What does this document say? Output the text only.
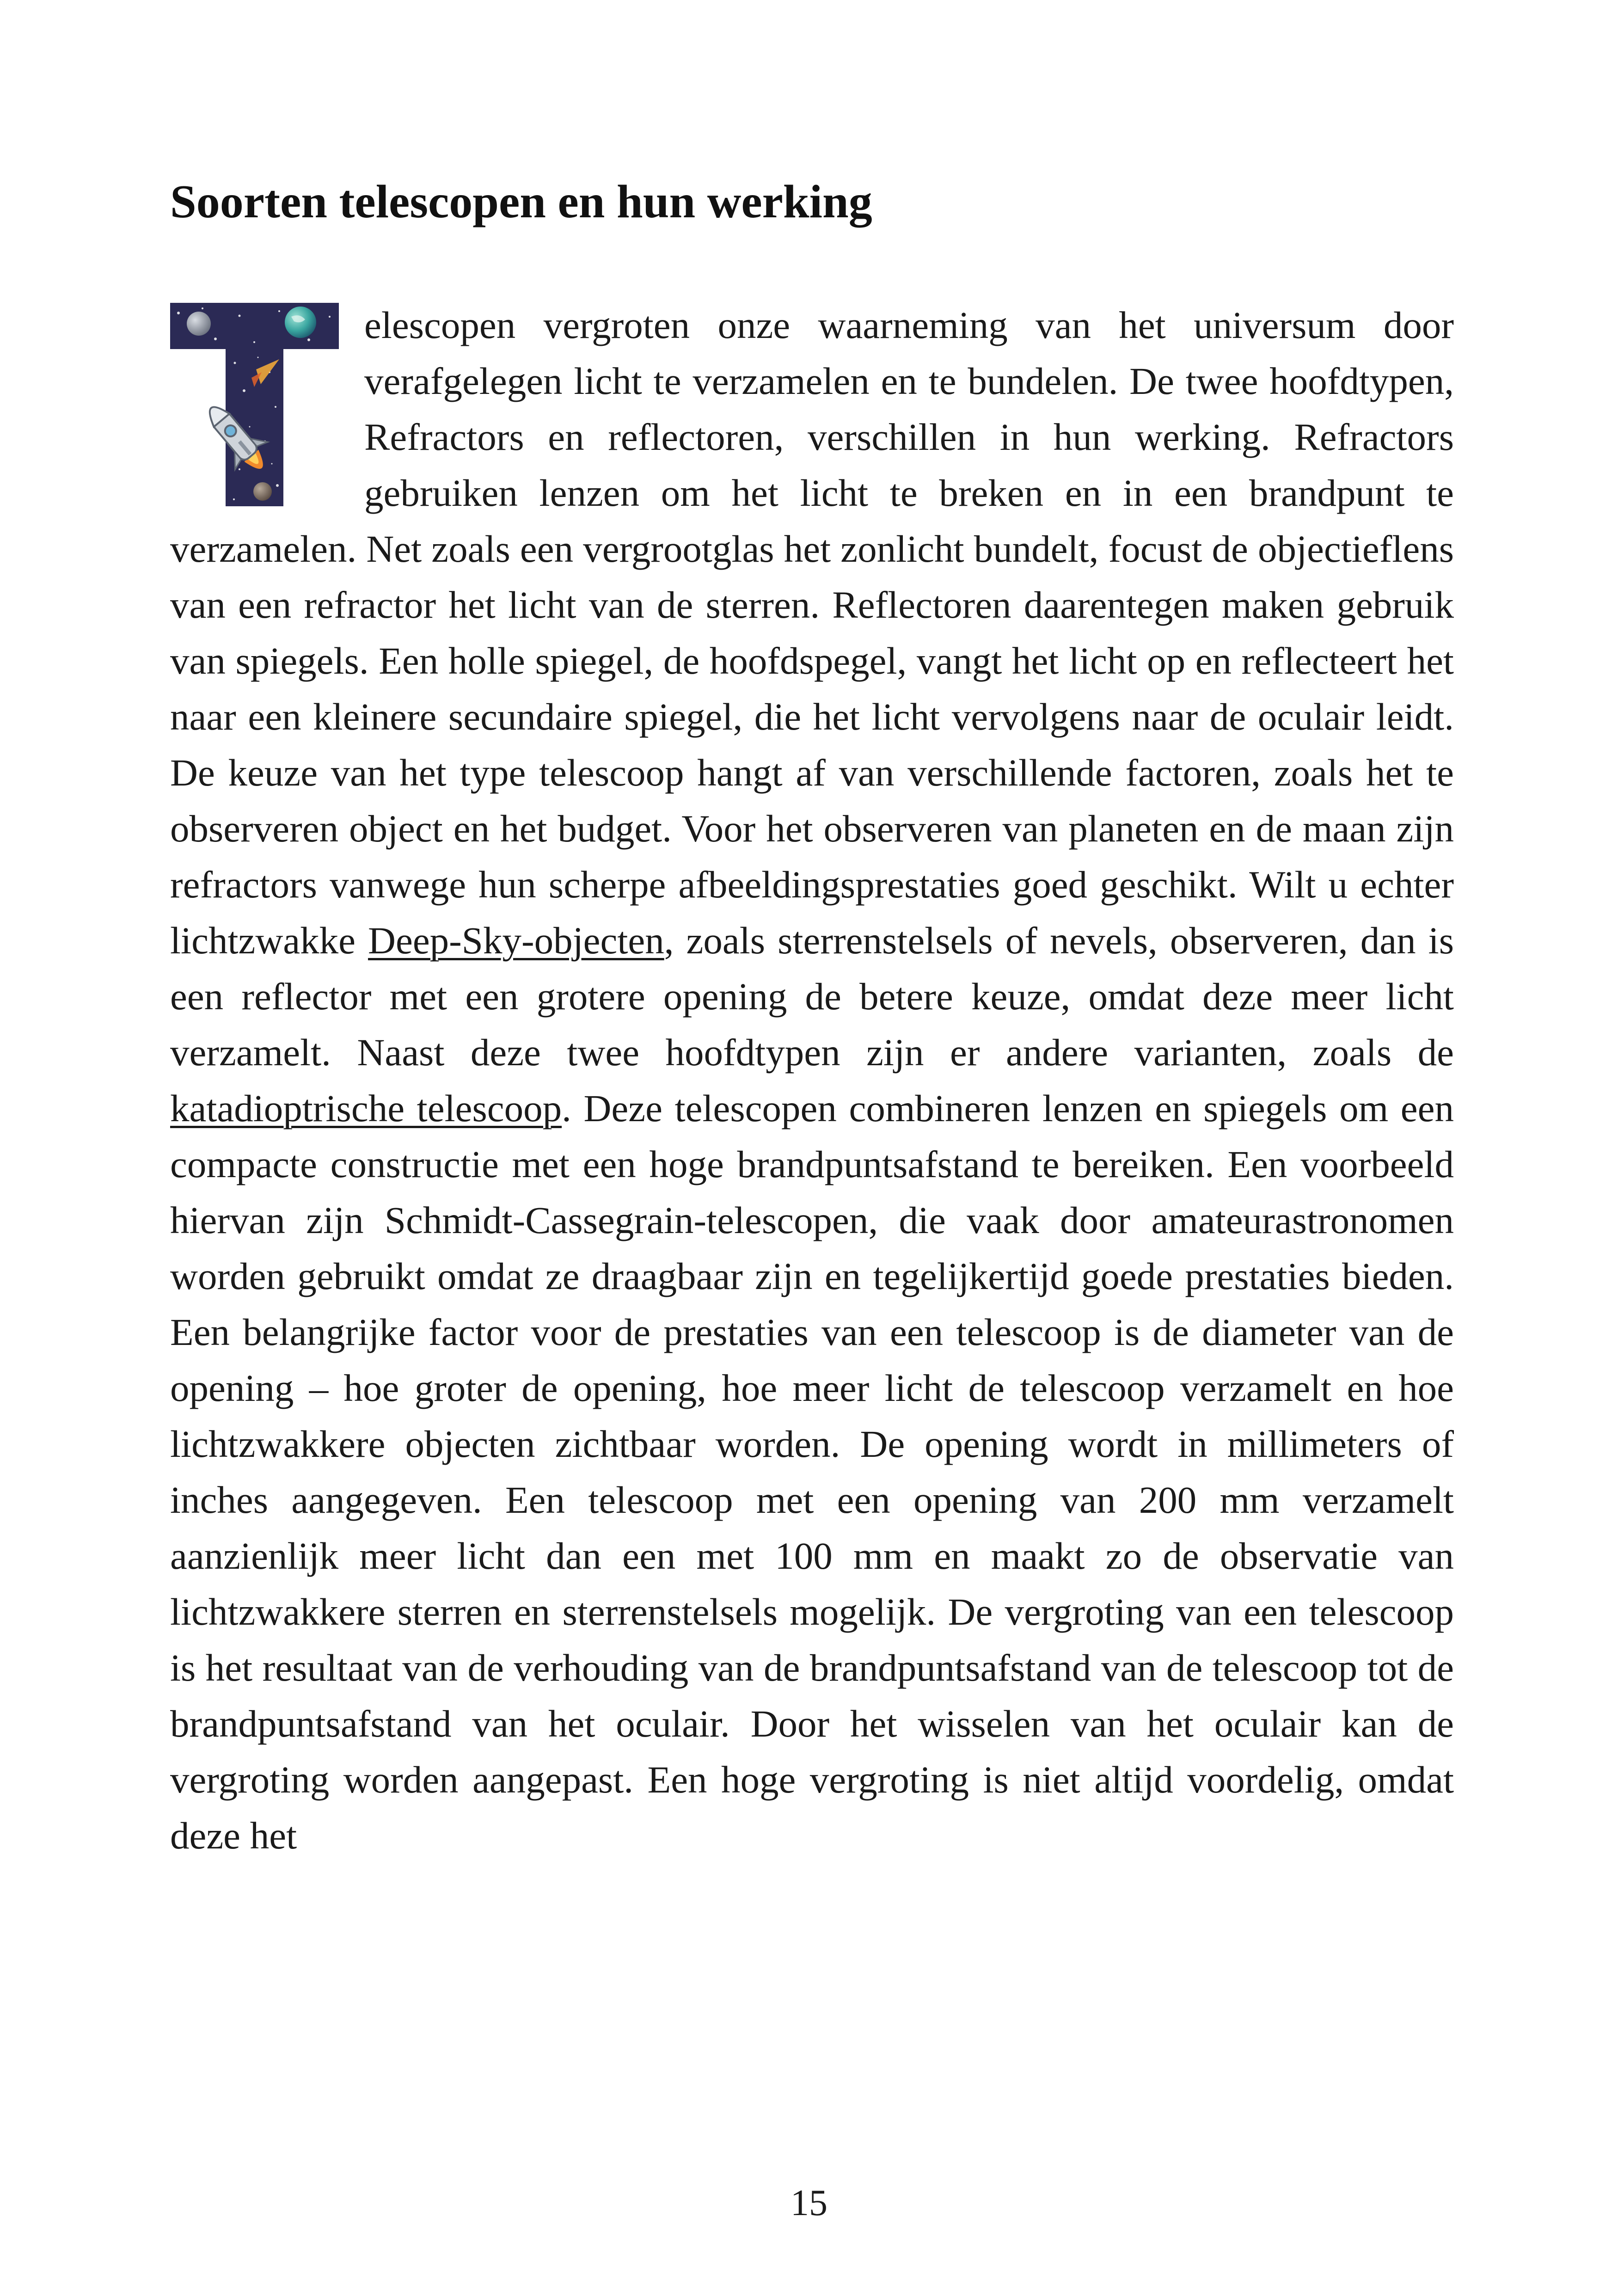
Soorten telescopen en hun werking

elescopen vergroten onze waarneming van het universum door verafgelegen licht te verzamelen en te bundelen. De twee hoofdtypen, Refractors en reflectoren, verschillen in hun werking. Refractors gebruiken lenzen om het licht te breken en in een brandpunt te verzamelen. Net zoals een vergrootglas het zonlicht bundelt, focust de objectieflens van een refractor het licht van de sterren. Reflectoren daarentegen maken gebruik van spiegels. Een holle spiegel, de hoofdspegel, vangt het licht op en reflecteert het naar een kleinere secundaire spiegel, die het licht vervolgens naar de oculair leidt. De keuze van het type telescoop hangt af van verschillende factoren, zoals het te observeren object en het budget. Voor het observeren van planeten en de maan zijn refractors vanwege hun scherpe afbeeldingsprestaties goed geschikt. Wilt u echter lichtzwakke Deep-Sky-objecten, zoals sterrenstelsels of nevels, observeren, dan is een reflector met een grotere opening de betere keuze, omdat deze meer licht verzamelt. Naast deze twee hoofdtypen zijn er andere varianten, zoals de katadioptrische telescoop. Deze telescopen combineren lenzen en spiegels om een compacte constructie met een hoge brandpuntsafstand te bereiken. Een voorbeeld hiervan zijn Schmidt-Cassegrain-telescopen, die vaak door amateurastronomen worden gebruikt omdat ze draagbaar zijn en tegelijkertijd goede prestaties bieden. Een belangrijke factor voor de prestaties van een telescoop is de diameter van de opening – hoe groter de opening, hoe meer licht de telescoop verzamelt en hoe lichtzwakkere objecten zichtbaar worden. De opening wordt in millimeters of inches aangegeven. Een telescoop met een opening van 200 mm verzamelt aanzienlijk meer licht dan een met 100 mm en maakt zo de observatie van lichtzwakkere sterren en sterrenstelsels mogelijk. De vergroting van een telescoop is het resultaat van de verhouding van de brandpuntsafstand van de telescoop tot de brandpuntsafstand van het oculair. Door het wisselen van het oculair kan de vergroting worden aangepast. Een hoge vergroting is niet altijd voordelig, omdat deze het

15
